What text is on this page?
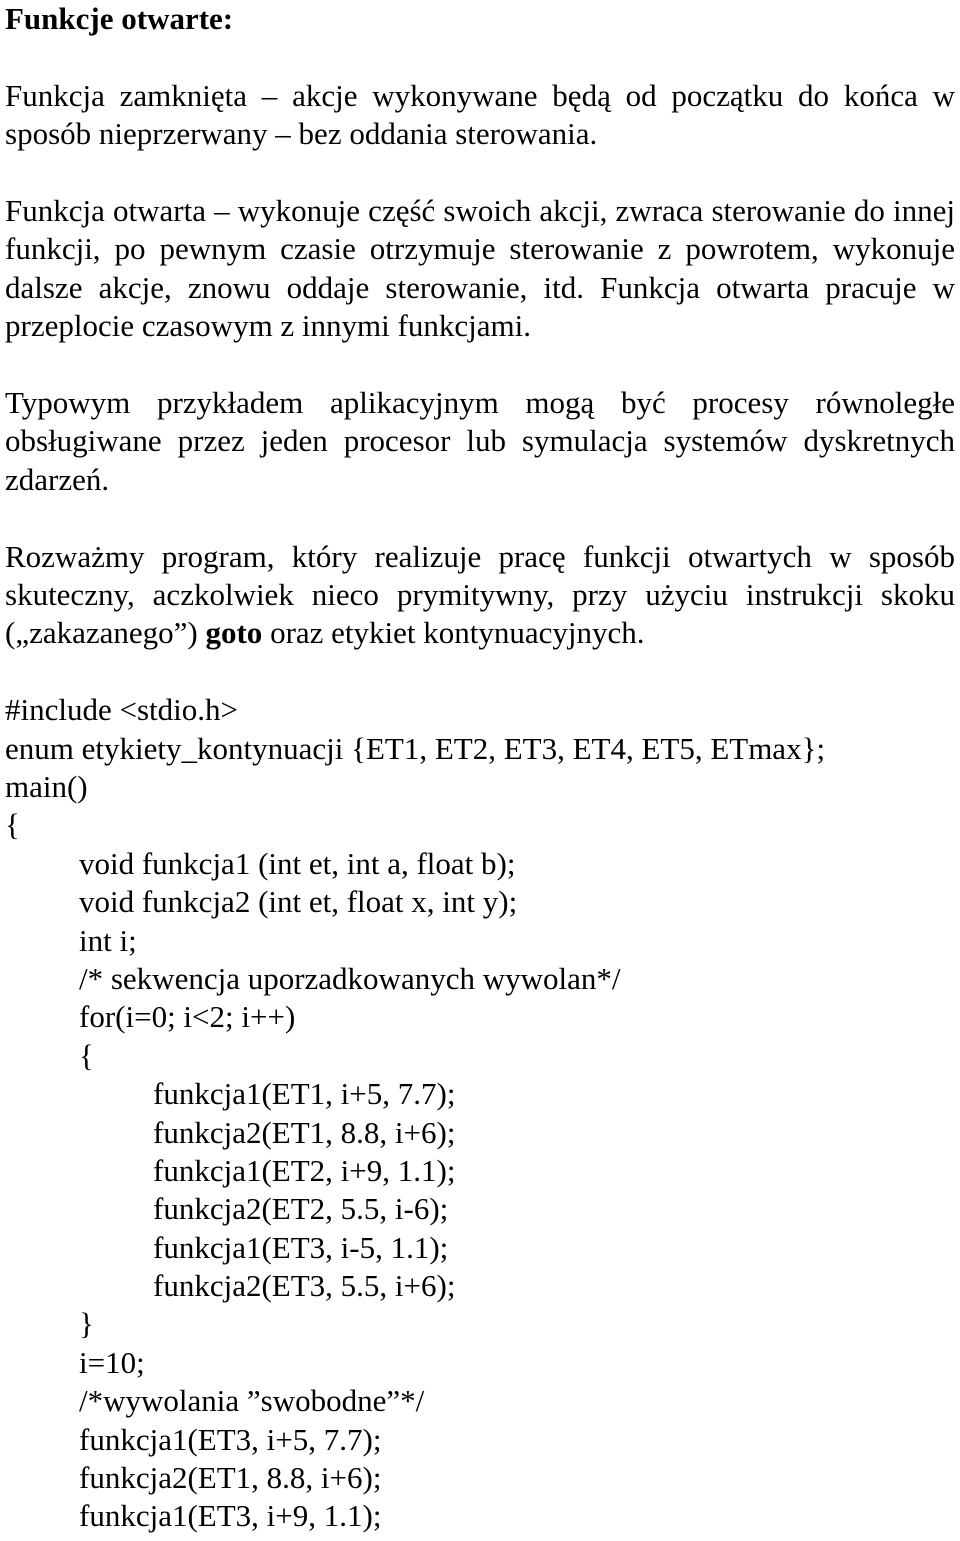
Funkcje otwarte:

Funkcja zamknięta – akcje wykonywane będą od początku do końca w sposób nieprzerwany – bez oddania sterowania.

Funkcja otwarta – wykonuje część swoich akcji, zwraca sterowanie do innej funkcji, po pewnym czasie otrzymuje sterowanie z powrotem, wykonuje dalsze akcje, znowu oddaje sterowanie, itd. Funkcja otwarta pracuje w przeplocie czasowym z innymi funkcjami.

Typowym przykładem aplikacyjnym mogą być procesy równoległe obsługiwane przez jeden procesor lub symulacja systemów dyskretnych zdarzeń.

Rozważmy program, który realizuje pracę funkcji otwartych w sposób skuteczny, aczkolwiek nieco prymitywny, przy użyciu instrukcji skoku („zakazanego”) goto oraz etykiet kontynuacyjnych.

#include <stdio.h>
enum etykiety_kontynuacji {ET1, ET2, ET3, ET4, ET5, ETmax};
main()
{
void funkcja1 (int et, int a, float b);
void funkcja2 (int et, float x, int y);
int i;
/* sekwencja uporzadkowanych wywolan*/
for(i=0; i<2; i++)
{
funkcja1(ET1, i+5, 7.7);
funkcja2(ET1, 8.8, i+6);
funkcja1(ET2, i+9, 1.1);
funkcja2(ET2, 5.5, i-6);
funkcja1(ET3, i-5, 1.1);
funkcja2(ET3, 5.5, i+6);
}
i=10;
/*wywolania ”swobodne”*/
funkcja1(ET3, i+5, 7.7);
funkcja2(ET1, 8.8, i+6);
funkcja1(ET3, i+9, 1.1);
